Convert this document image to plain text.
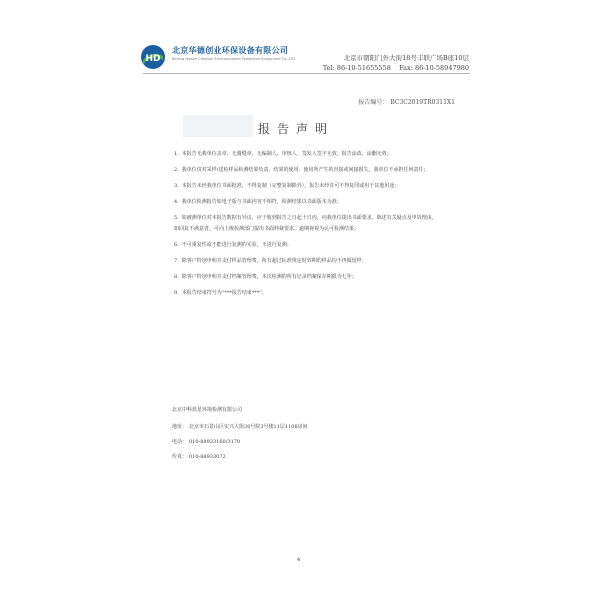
HD
北京华德创业环保设备有限公司
Beijing Huade Creation Environmental Protection Equipment Co.,LTD	北京市朝阳门外大街18号丰联广场B座10层
Tel: 86-10-51655558 Fax: 86-10-58947980
报告编号： BC3C2019TR0311X1
报告声明
1. 本报告无我单位盖章、无骑缝章、无编制人、审核人、签发人签字无效，报告涂改、涂删无效；
2. 我单位仅对采样/送检样品检测结果负责，结果的使用、使用所产生的直接或间接损失，我单位不承担任何责任；
3. 本报告未经我单位书面批准，不得复制（完整复制除外），报告未经许可不得复印或用于其他用途；
4. 我单位检测报告如电子版与书面内容不相符，检测结果以书面版本为准；
5. 如被测单位对本报告数据有异议，应于收到报告之日起十日内，向我单位提出书面要求，陈述有关疑点及申诉理由。如回复不满意者，可向上级检测部门提出书面仲裁要求。逾期视视为认可检测结果；
6. 不可重复性或不能进行复测的实验，不进行复测；
7. 除客户特别申明并支付样品管理费，所有超过标准规定时效期的样品均不再做留样；
8. 除客户特别申明并支付档案管理费，本次检测的所有记录档案保存期限为七年；
9. 本报告结束符号为“***报告结束***”。
北京中科蓝星环境检测有限公司
地址： 北京市石景山区实兴大街30号院3号楼11层1108房间
电话： 010-88933160/3170
传真： 010-88933072
4
